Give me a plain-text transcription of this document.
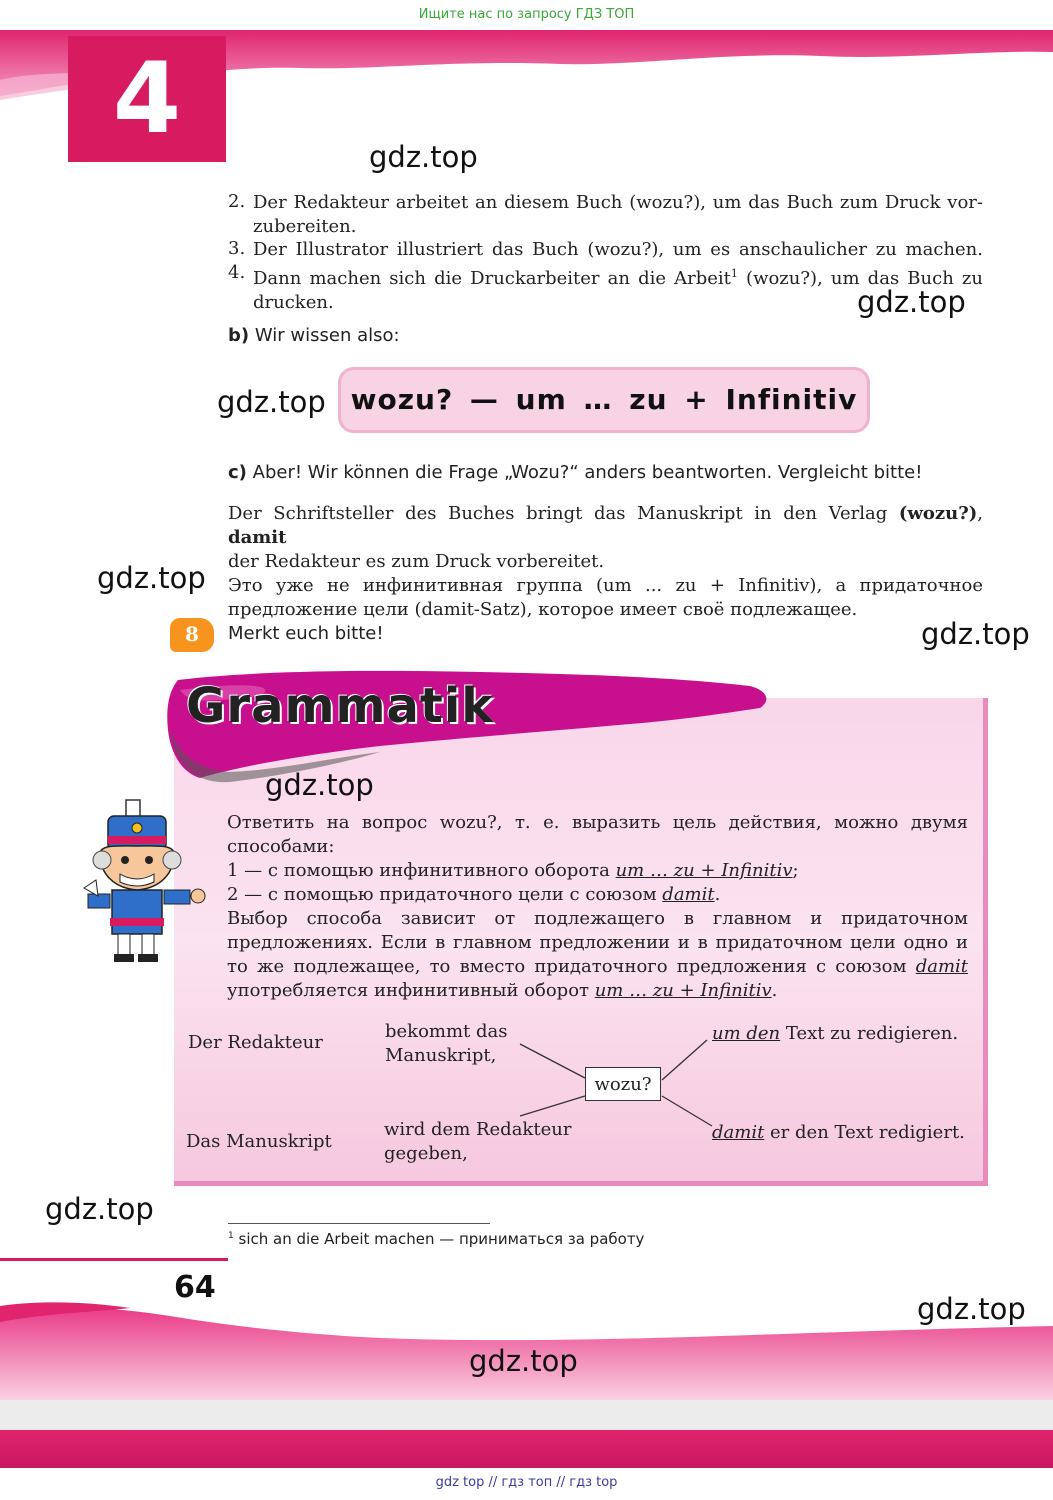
Ищите нас по запросу ГДЗ ТОП
4
gdz.top
gdz.top
gdz.top
gdz.top
gdz.top
2. Der Redakteur arbeitet an diesem Buch (wozu?), um das Buch zum Druck vor-
zubereiten.
3. Der Illustrator illustriert das Buch (wozu?), um es anschaulicher zu machen.
4. Dann machen sich die Druckarbeiter an die Arbeit$^1$ (wozu?), um das Buch zu
drucken.
b) Wir wissen also:
wozu? — um … zu + Infinitiv
c) Aber! Wir können die Frage „Wozu?“ anders beantworten. Vergleicht bitte!
Der Schriftsteller des Buches bringt das Manuskript in den Verlag (wozu?), damit
der Redakteur es zum Druck vorbereitet.
Это уже не инфинитивная группа (um ... zu + Infinitiv), а придаточное
предложение цели (damit-Satz), которое имеет своё подлежащее.
8	Merkt euch bitte!
Grammatik
gdz.top
Ответить на вопрос wozu?, т. е. выразить цель действия, можно двумя
способами:
1 — с помощью инфинитивного оборота um … zu + Infinitiv;
2 — с помощью придаточного цели с союзом damit.
Выбор способа зависит от подлежащего в главном и придаточном
предложениях. Если в главном предложении и в придаточном цели одно и
то же подлежащее, то вместо придаточного предложения с союзом damit
употребляется инфинитивный оборот um … zu + Infinitiv.
Der Redakteur
bekommt das
Manuskript,
um den Text zu redigieren.
wozu?
Das Manuskript
wird dem Redakteur
gegeben,
damit er den Text redigiert.
gdz.top
$^1$ sich an die Arbeit machen — приниматься за работу
64
gdz.top
gdz.top
gdz top // гдз топ // гдз top
